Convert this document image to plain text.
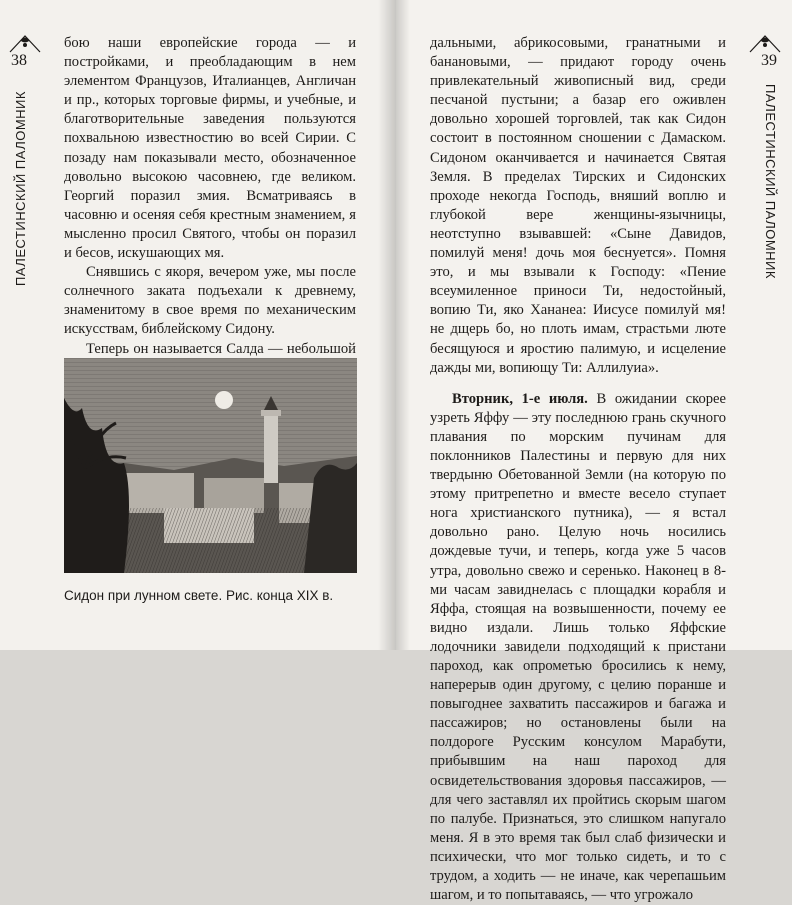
38
ПАЛЕСТИНСКИЙ ПАЛОМНИК

бою наши европейские города — и постройками, и преобладающим в нем элементом Французов, Италианцев, Англичан и пр., которых торговые фирмы, и учебные, и благотворительные заведения пользуются похвальною известностию во всей Сирии. С позаду нам показывали место, обозначенное довольно высокою часовнею, где великом. Георгий поразил змия. Всматриваясь в часовню и осеняя себя крестным знамением, я мысленно просил Святого, чтобы он поразил и бесов, искушающих мя.

Снявшись с якоря, вечером уже, мы после солнечного заката подъехали к древнему, знаменитому в свое время по механическим искусствам, библейскому Сидону.

Теперь он называется Салда — небольшой

Сидон при лунном свете. Рис. конца XIX в.
39
ПАЛЕСТИНСКИЙ ПАЛОМНИК

дальными, абрикосовыми, гранатными и банановыми, — придают городу очень привлекательный живописный вид, среди песчаной пустыни; а базар его оживлен довольно хорошей торговлей, так как Сидон состоит в постоянном сношении с Дамаском. Сидоном оканчивается и начинается Святая Земля. В пределах Тирских и Сидонских проходе некогда Господь, вняший воплю и глубокой вере женщины-язычницы, неотступно взывавшей: «Сыне Давидов, помилуй меня! дочь моя беснуется». Помня это, и мы взывали к Господу: «Пение всеумиленное приноси Ти, недостойный, вопию Ти, яко Хананеа: Иисусе помилуй мя! не дщерь бо, но плоть имам, страстьми люте бесящуюся и яростию палимую, и исцеление дажды ми, вопиющу Ти: Аллилуиа».

Вторник, 1-е июля. В ожидании скорее узреть Яффу — эту последнюю грань скучного плавания по морским пучинам для поклонников Палестины и первую для них твердыню Обетованной Земли (на которую по этому притрепетно и вместе весело ступает нога христианского путника), — я встал довольно рано. Целую ночь носились дождевые тучи, и теперь, когда уже 5 часов утра, довольно свежо и серенько. Наконец в 8-ми часам завиднелась с площадки корабля и Яффа, стоящая на возвышенности, почему ее видно издали. Лишь только Яффские лодочники завидели подходящий к пристани пароход, как опрометью бросились к нему, наперерыв один другому, с целию поранше и повыгоднее захватить пассажиров и багажа и пассажиров; но остановлены были на полдороге Русским консулом Марабути, прибывшим на наш пароход для освидетельствования здоровья пассажиров, — для чего заставлял их пройтись скорым шагом по палубе. Признаться, это слишком напугало меня. Я в это время так был слаб физически и психически, что мог только сидеть, и то с трудом, а ходить — не иначе, как черепашьим шагом, и то попытаваясь, — что угрожало
